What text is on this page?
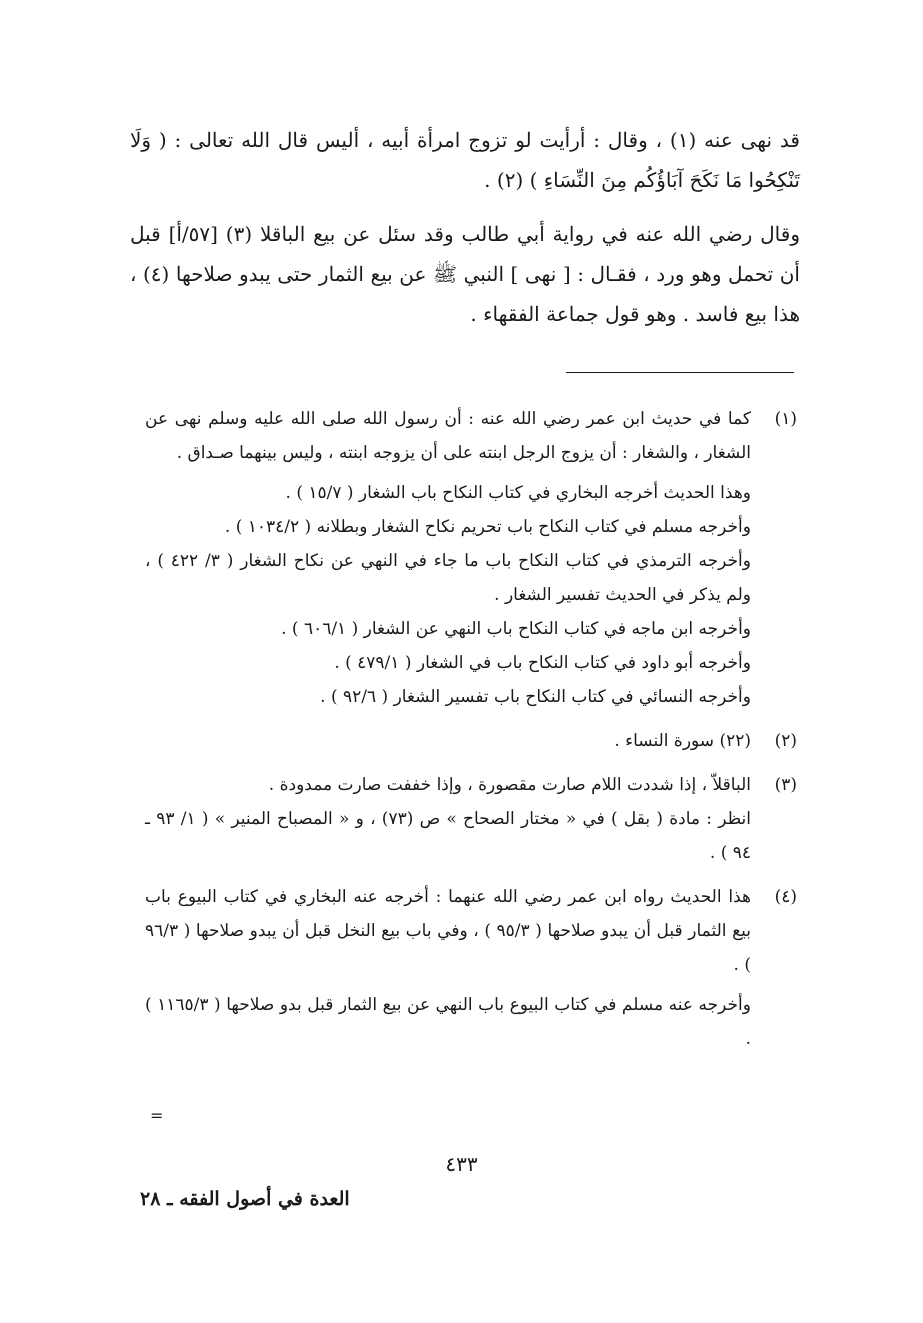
قد نهى عنه (١) ، وقال : أرأيت لو تزوج امرأة أبيه ، أليس قال الله تعالى : ( وَلَا تَنْكِحُوا مَا نَكَحَ آبَاؤُكُم مِنَ النِّسَاءِ ) (٢) .

وقال رضي الله عنه في رواية أبي طالب وقد سئل عن بيع الباقلا (٣) [٥٧/أ] قبل أن تحمل وهو ورد ، فقـال : [ نهى ] النبي ﷺ عن بيع الثمار حتى يبدو صلاحها (٤) ، هذا بيع فاسد . وهو قول جماعة الفقهاء .

(١)

كما في حديث ابن عمر رضي الله عنه : أن رسول الله صلى الله عليه وسلم نهى عن الشغار ، والشغار : أن يزوج الرجل ابنته على أن يزوجه ابنته ، وليس بينهما صـداق .

وهذا الحديث أخرجه البخاري في كتاب النكاح باب الشغار ( ١٥/٧ ) .

وأخرجه مسلم في كتاب النكاح باب تحريم نكاح الشغار وبطلانه ( ١٠٣٤/٢ ) .

وأخرجه الترمذي في كتاب النكاح باب ما جاء في النهي عن نكاح الشغار ( ٣/ ٤٢٢ ) ، ولم يذكر في الحديث تفسير الشغار .

وأخرجه ابن ماجه في كتاب النكاح باب النهي عن الشغار ( ٦٠٦/١ ) .

وأخرجه أبو داود في كتاب النكاح باب في الشغار ( ٤٧٩/١ ) .

وأخرجه النسائي في كتاب النكاح باب تفسير الشغار ( ٩٢/٦ ) .

(٢)

(٢٢) سورة النساء .

(٣)

الباقلاّ ، إذا شددت اللام صارت مقصورة ، وإذا خففت صارت ممدودة .

انظر : مادة ( بقل ) في « مختار الصحاح » ص (٧٣) ، و « المصباح المنير » ( ١/ ٩٣ ـ ٩٤ ) .

(٤)

هذا الحديث رواه ابن عمر رضي الله عنهما : أخرجه عنه البخاري في كتاب البيوع باب بيع الثمار قبل أن يبدو صلاحها ( ٩٥/٣ ) ، وفي باب بيع النخل قبل أن يبدو صلاحها ( ٩٦/٣ ) .

وأخرجه عنه مسلم في كتاب البيوع باب النهي عن بيع الثمار قبل بدو صلاحها ( ١١٦٥/٣ ) .

=
٤٣٣
العدة في أصول الفقه ـ ٢٨
